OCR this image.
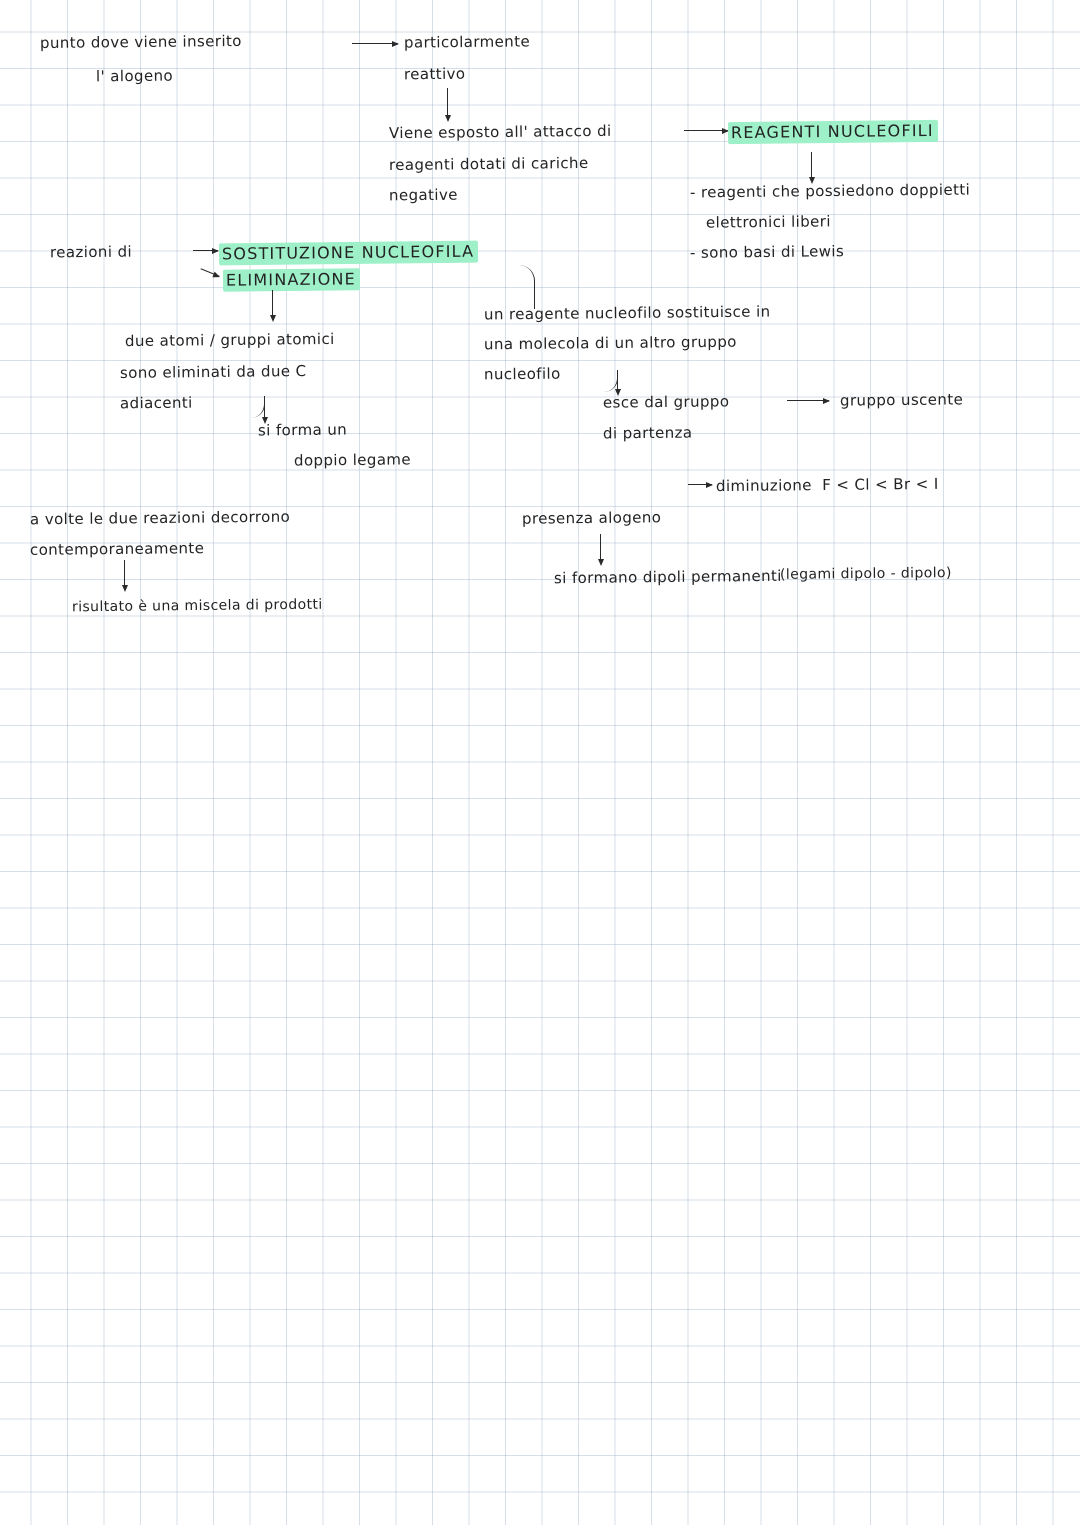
punto dove viene inserito
l' alogeno
particolarmente
reattivo
Viene esposto all' attacco di
reagenti dotati di cariche
negative
REAGENTI NUCLEOFILI
- reagenti che possiedono doppietti
elettronici liberi
- sono basi di Lewis
reazioni di	SOSTITUZIONE NUCLEOFILA
ELIMINAZIONE
due atomi / gruppi atomici
sono eliminati da due C
adiacenti
si forma un
doppio legame
un reagente nucleofilo sostituisce in
una molecola di un altro gruppo
nucleofilo
esce dal gruppo
di partenza
gruppo uscente
a volte le due reazioni decorrono
contemporaneamente
risultato è una miscela di prodotti
presenza alogeno
diminuzione  F < Cl < Br < I
si formano dipoli permanenti
(legami dipolo - dipolo)
